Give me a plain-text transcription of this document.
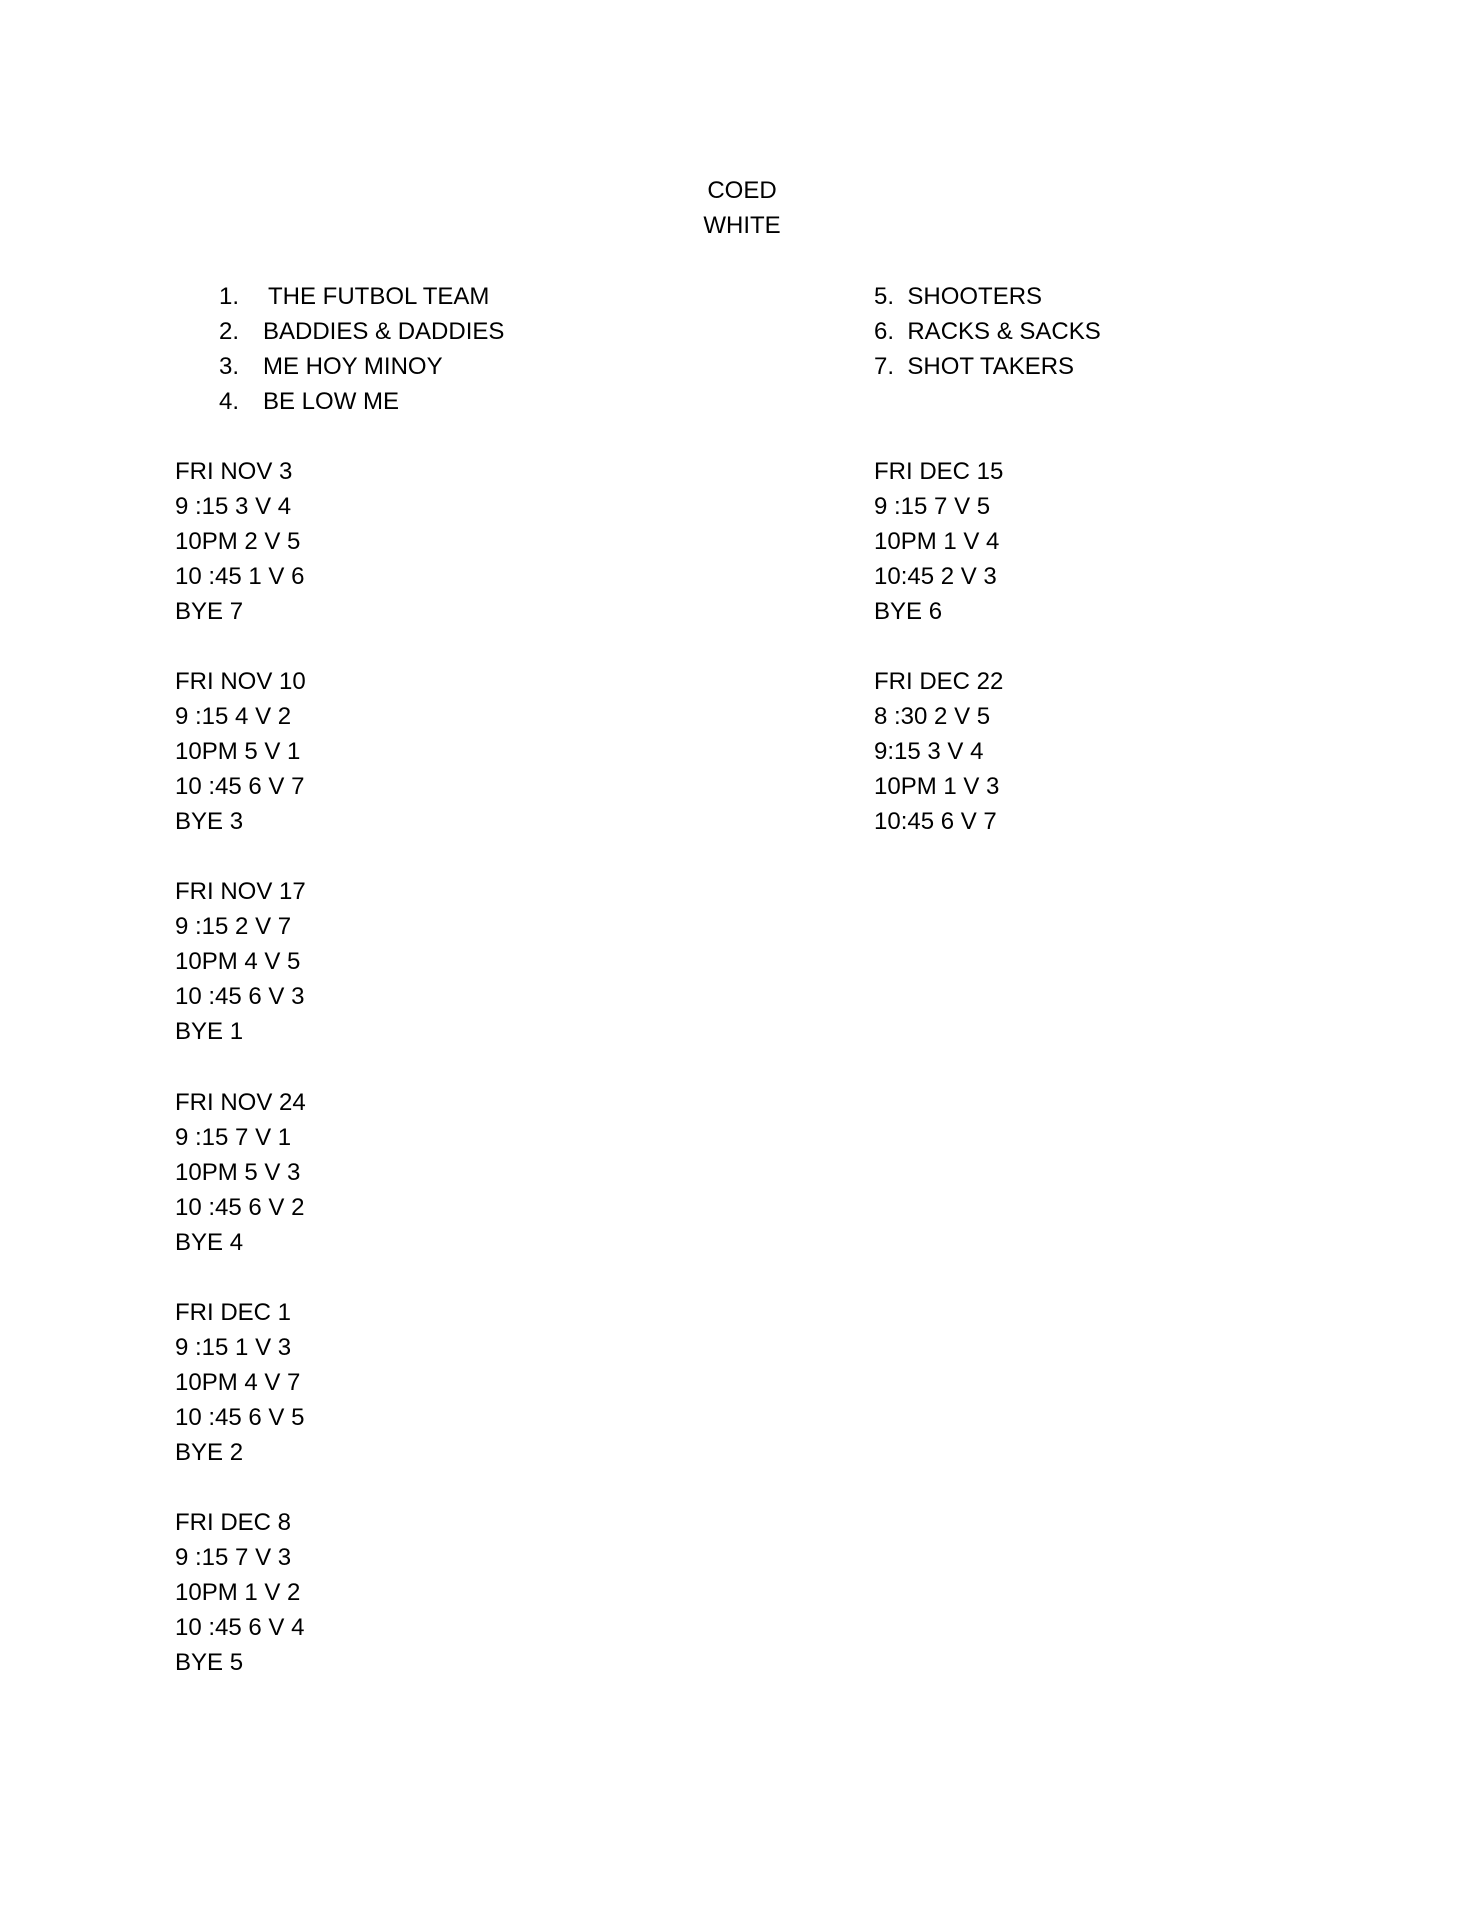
COED
WHITE
1. THE FUTBOL TEAM
2. BADDIES & DADDIES
3. ME HOY MINOY
4. BE LOW ME
5.  SHOOTERS
6.  RACKS & SACKS
7.  SHOT TAKERS
FRI NOV 3
9 :15 3 V 4
10PM 2 V 5
10 :45 1 V 6
BYE 7
FRI NOV 10
9 :15 4 V 2
10PM 5 V 1
10 :45 6 V 7
BYE 3
FRI NOV 17
9 :15 2 V 7
10PM 4 V 5
10 :45 6 V 3
BYE 1
FRI NOV 24
9 :15 7 V 1
10PM 5 V 3
10 :45 6 V 2
BYE 4
FRI DEC 1
9 :15 1 V 3
10PM 4 V 7
10 :45 6 V 5
BYE 2
FRI DEC 8
9 :15 7 V 3
10PM 1 V 2
10 :45 6 V 4
BYE 5
FRI DEC 15
9 :15 7 V 5
10PM 1 V 4
10:45 2 V 3
BYE 6
FRI DEC 22
8 :30 2 V 5
9:15 3 V 4
10PM 1 V 3
10:45 6 V 7
